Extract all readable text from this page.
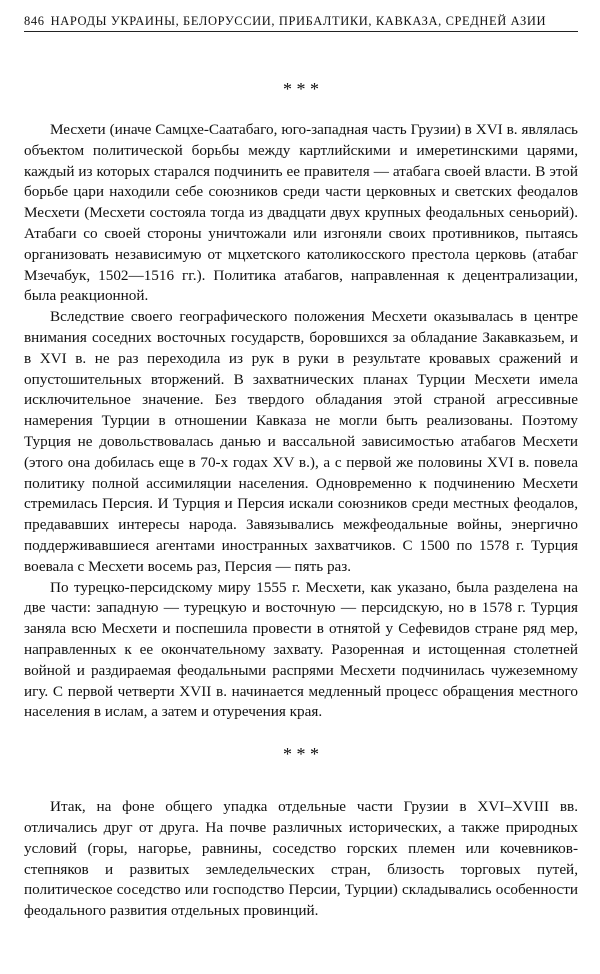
846 НАРОДЫ УКРАИНЫ, БЕЛОРУССИИ, ПРИБАЛТИКИ, КАВКАЗА, СРЕДНЕЙ АЗИИ
* * *

Месхети (иначе Самцхе-Саатабаго, юго-западная часть Грузии) в XVI в. являлась объектом политической борьбы между картлийскими и имеретинскими царями, каждый из которых старался подчинить ее правителя — атабага своей власти. В этой борьбе цари находили себе союзников среди части церковных и светских феодалов Месхети (Месхети состояла тогда из двадцати двух крупных феодальных сеньорий). Атабаги со своей стороны уничтожали или изгоняли своих противников, пытаясь организовать независимую от мцхетского католикосского престола церковь (атабаг Мзечабук, 1502—1516 гг.). Политика атабагов, направленная к децентрализации, была реакционной.

Вследствие своего географического положения Месхети оказывалась в центре внимания соседних восточных государств, боровшихся за обладание Закавказьем, и в XVI в. не раз переходила из рук в руки в результате кровавых сражений и опустошительных вторжений. В захватнических планах Турции Месхети имела исключительное значение. Без твердого обладания этой страной агрессивные намерения Турции в отношении Кавказа не могли быть реализованы. Поэтому Турция не довольствовалась данью и вассальной зависимостью атабагов Месхети (этого она добилась еще в 70-х годах XV в.), а с первой же половины XVI в. повела политику полной ассимиляции населения. Одновременно к подчинению Месхети стремилась Персия. И Турция и Персия искали союзников среди местных феодалов, предававших интересы народа. Завязывались межфеодальные войны, энергично поддерживавшиеся агентами иностранных захватчиков. С 1500 по 1578 г. Турция воевала с Месхети восемь раз, Персия — пять раз.

По турецко-персидскому миру 1555 г. Месхети, как указано, была разделена на две части: западную — турецкую и восточную — персидскую, но в 1578 г. Турция заняла всю Месхети и поспешила провести в отнятой у Сефевидов стране ряд мер, направленных к ее окончательному захвату. Разоренная и истощенная столетней войной и раздираемая феодальными распрями Месхети подчинилась чужеземному игу. С первой четверти XVII в. начинается медленный процесс обращения местного населения в ислам, а затем и отуречения края.

* * *

Итак, на фоне общего упадка отдельные части Грузии в XVI–XVIII вв. отличались друг от друга. На почве различных исторических, а также природных условий (горы, нагорье, равнины, соседство горских племен или кочевников-степняков и развитых земледельческих стран, близость торговых путей, политическое соседство или господство Персии, Турции) складывались особенности феодального развития отдельных провинций.
